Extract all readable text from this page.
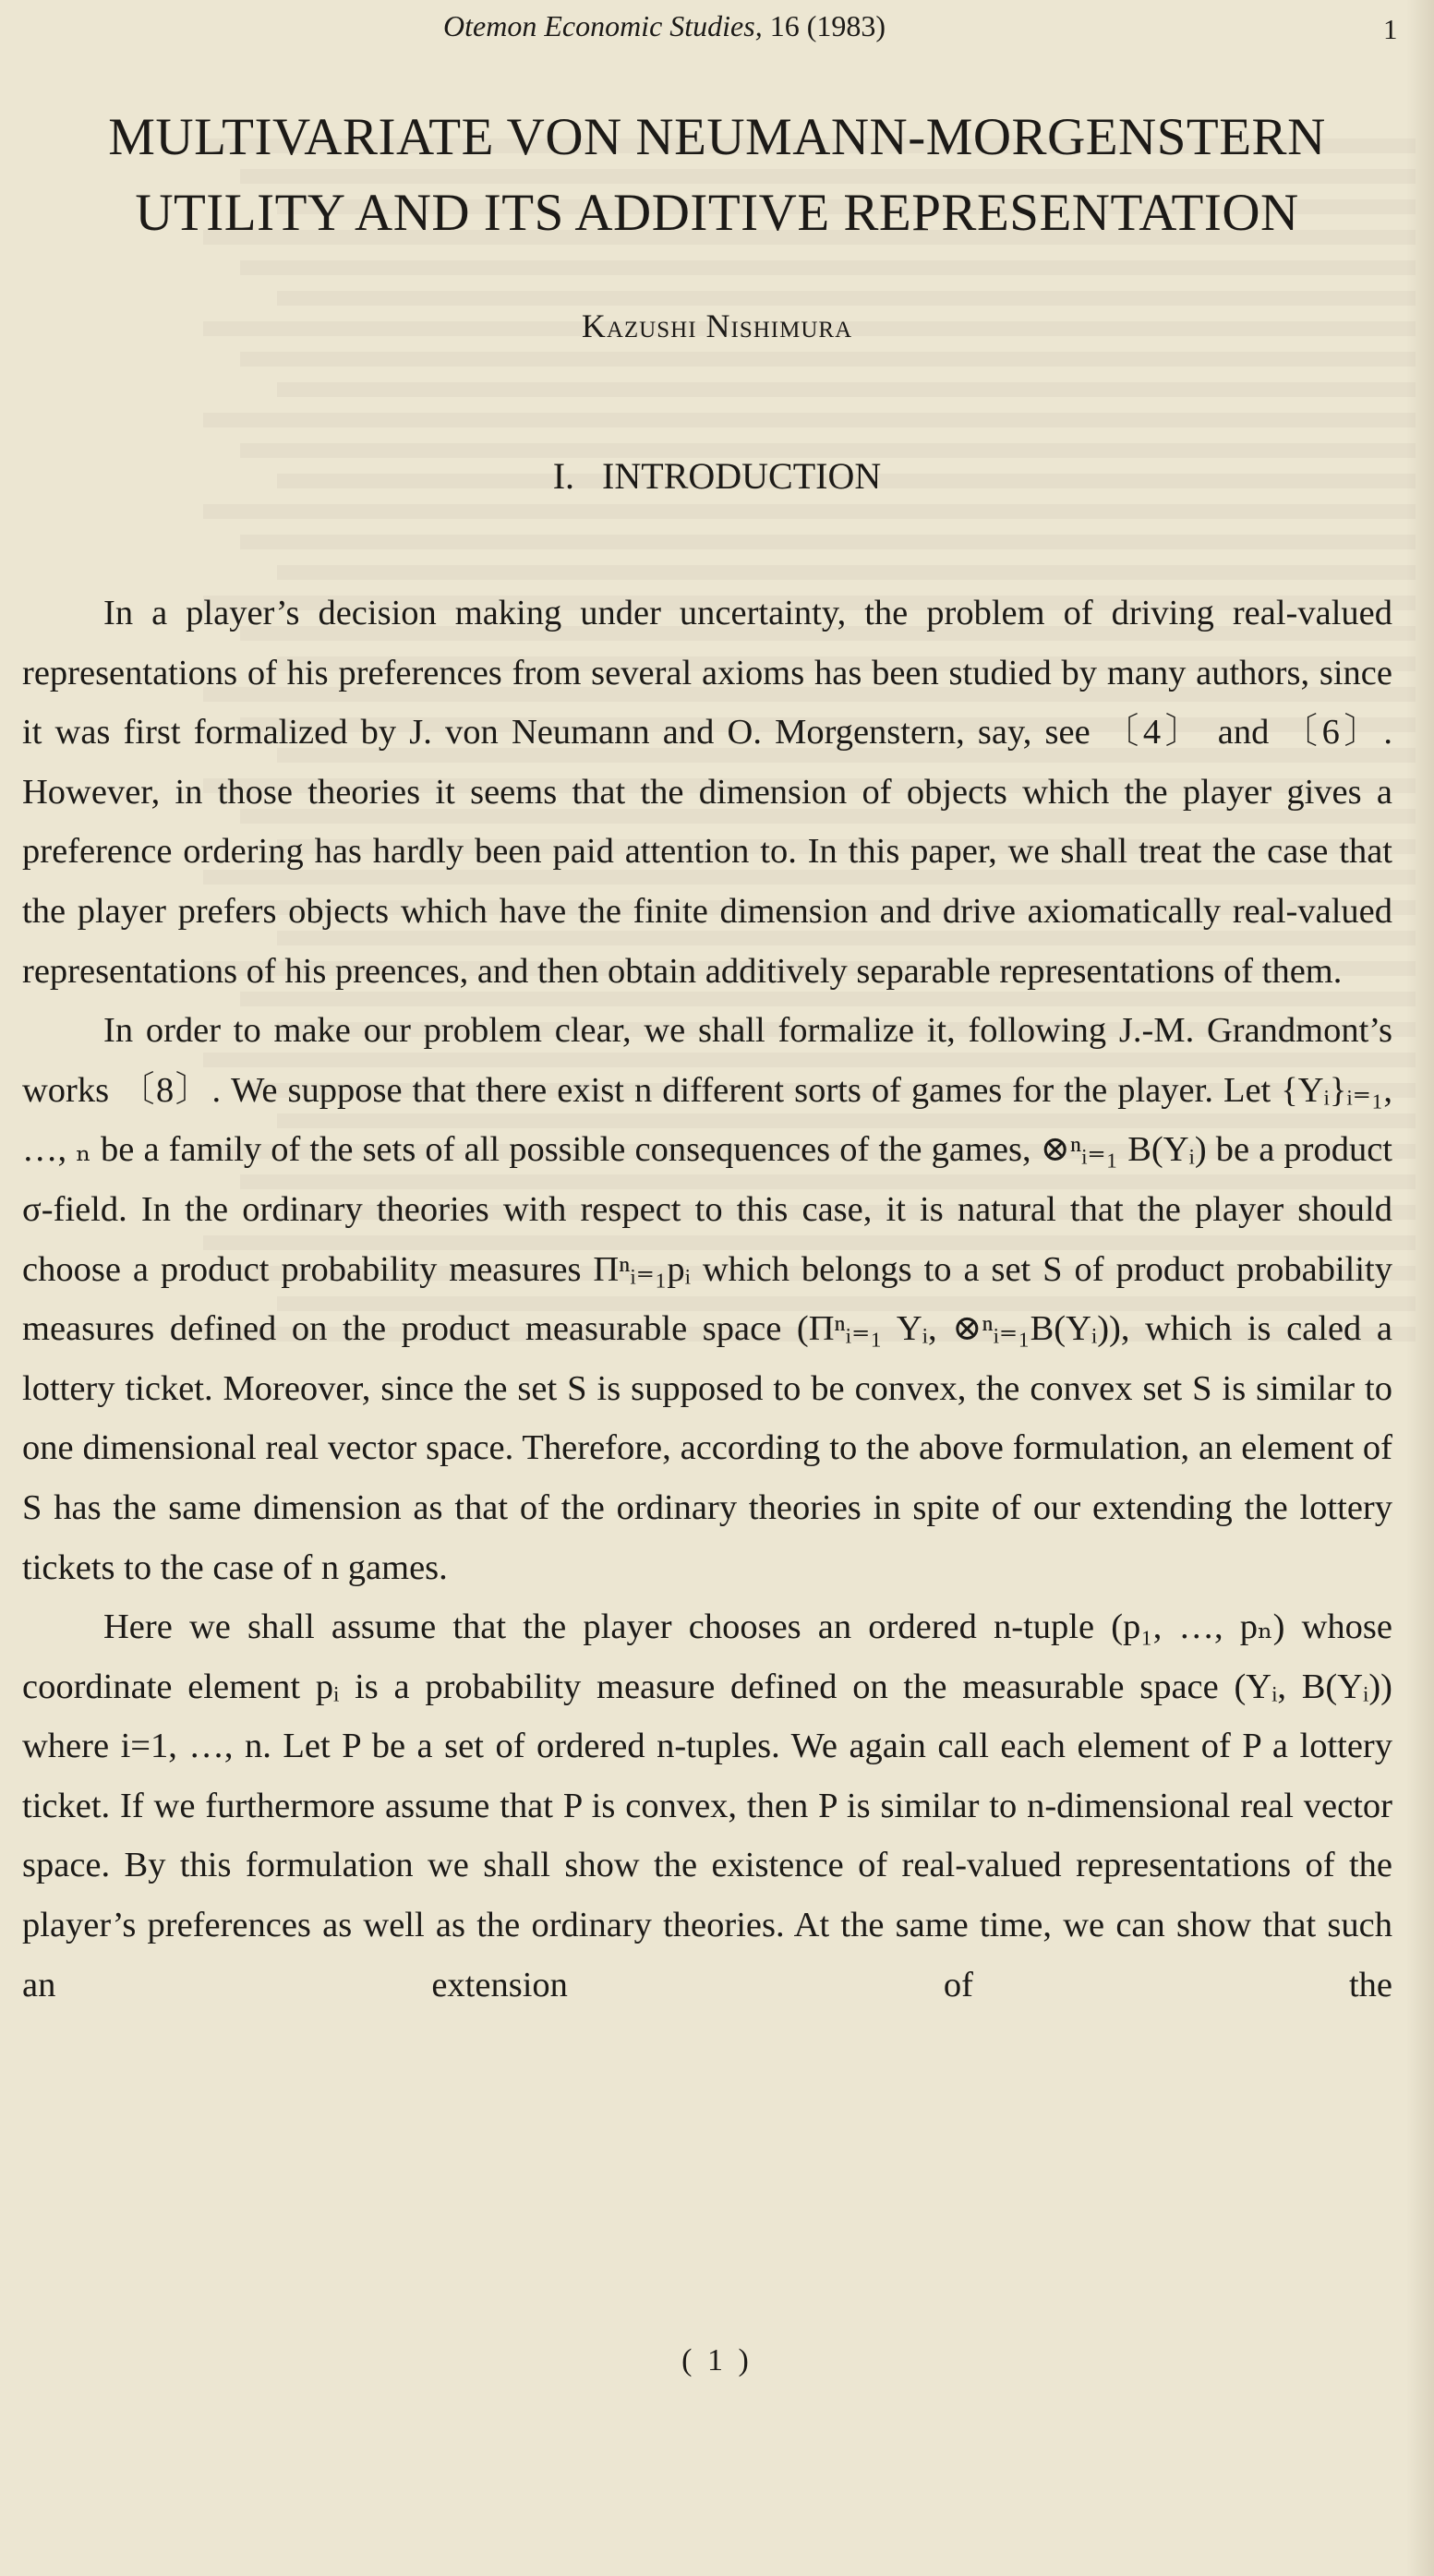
Otemon Economic Studies, 16 (1983)	1
MULTIVARIATE VON NEUMANN-MORGENSTERN
UTILITY AND ITS ADDITIVE REPRESENTATION
Kazushi Nishimura
I.   INTRODUCTION

In a player’s decision making under uncertainty, the problem of driving real-valued representations of his preferences from several axioms has been studied by many authors, since it was first formalized by J. von Neumann and O. Morgenstern, say, see 〔4〕 and 〔6〕. However, in those theories it seems that the dimension of objects which the player gives a preference ordering has hardly been paid attention to. In this paper, we shall treat the case that the player prefers objects which have the finite dimension and drive axiomatically real-valued representations of his preences, and then obtain additively separable representations of them.

In order to make our problem clear, we shall formalize it, following J.-M. Grandmont’s works 〔8〕. We suppose that there exist n different sorts of games for the player. Let {Yᵢ}ᵢ₌₁, …, ₙ be a family of the sets of all possible consequences of the games, ⊗ⁿᵢ₌₁ B(Yᵢ) be a product σ-field. In the ordinary theories with respect to this case, it is natural that the player should choose a product probability measures Πⁿᵢ₌₁pᵢ which belongs to a set S of product probability measures defined on the product measurable space (Πⁿᵢ₌₁ Yᵢ, ⊗ⁿᵢ₌₁B(Yᵢ)), which is caled a lottery ticket. Moreover, since the set S is supposed to be convex, the convex set S is similar to one dimensional real vector space. Therefore, according to the above formulation, an element of S has the same dimension as that of the ordinary theories in spite of our extending the lottery tickets to the case of n games.

Here we shall assume that the player chooses an ordered n-tuple (p₁, …, pₙ) whose coordinate element pᵢ is a probability measure defined on the measurable space (Yᵢ, B(Yᵢ)) where i=1, …, n. Let P be a set of ordered n-tuples. We again call each element of P a lottery ticket. If we furthermore assume that P is convex, then P is similar to n-dimensional real vector space. By this formulation we shall show the existence of real-valued representations of the player’s preferences as well as the ordinary theories. At the same time, we can show that such an extension of the

( 1 )
